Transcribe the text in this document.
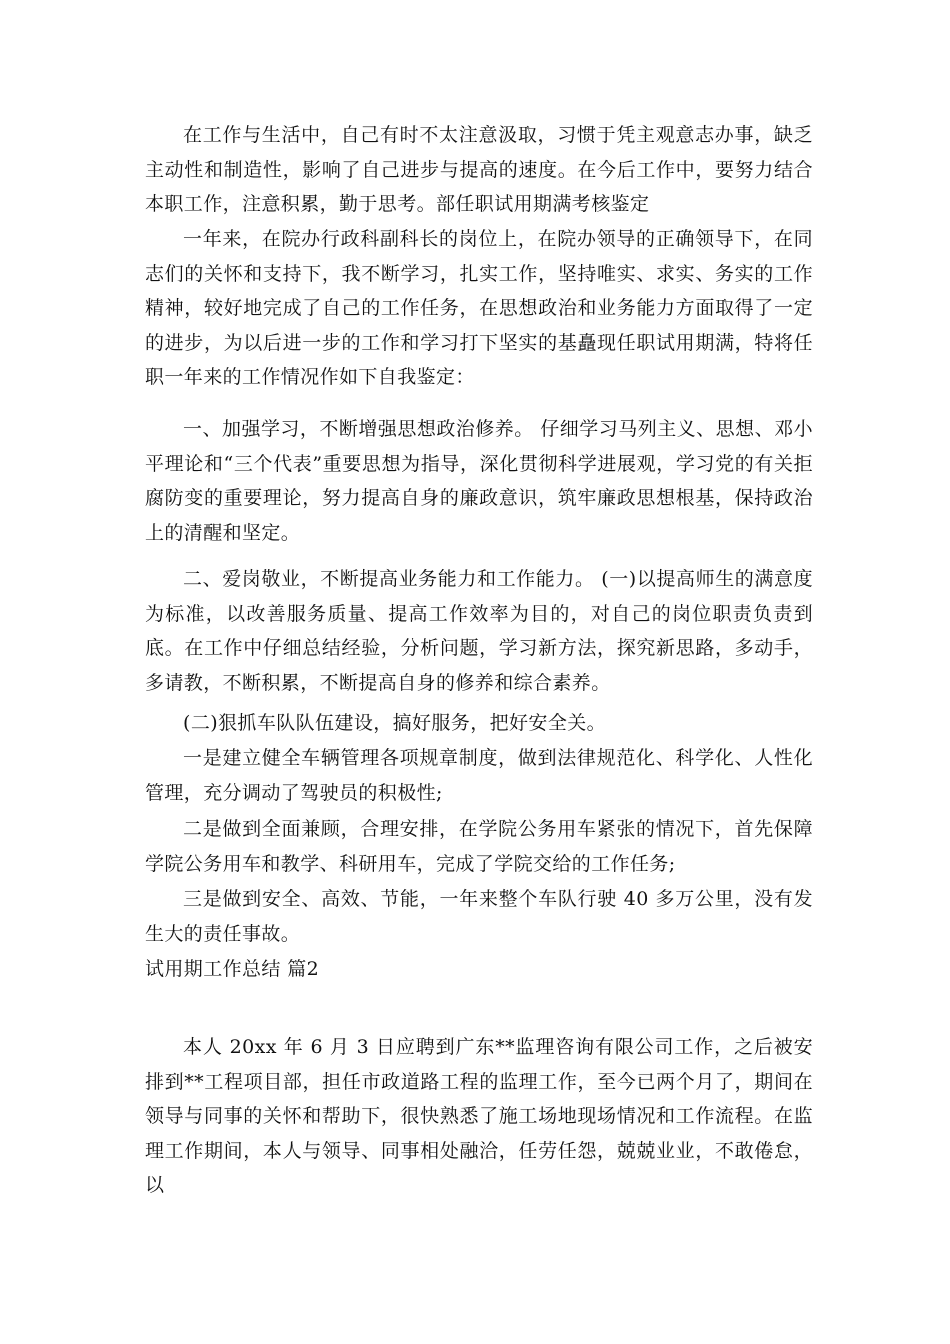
在工作与生活中，自己有时不太注意汲取，习惯于凭主观意志办事，缺乏主动性和制造性，影响了自己进步与提高的速度。在今后工作中，要努力结合本职工作，注意积累，勤于思考。部任职试用期满考核鉴定

一年来，在院办行政科副科长的岗位上，在院办领导的正确领导下，在同志们的关怀和支持下，我不断学习，扎实工作，坚持唯实、求实、务实的工作精神，较好地完成了自己的工作任务，在思想政治和业务能力方面取得了一定的进步，为以后进一步的工作和学习打下坚实的基矗现任职试用期满，特将任职一年来的工作情况作如下自我鉴定：

一、加强学习，不断增强思想政治修养。 仔细学习马列主义、思想、邓小平理论和“三个代表”重要思想为指导，深化贯彻科学进展观，学习党的有关拒腐防变的重要理论，努力提高自身的廉政意识，筑牢廉政思想根基，保持政治上的清醒和坚定。

二、爱岗敬业，不断提高业务能力和工作能力。 (一)以提高师生的满意度为标准，以改善服务质量、提高工作效率为目的，对自己的岗位职责负责到底。在工作中仔细总结经验，分析问题，学习新方法，探究新思路，多动手，多请教，不断积累，不断提高自身的修养和综合素养。

(二)狠抓车队队伍建设，搞好服务，把好安全关。

一是建立健全车辆管理各项规章制度，做到法律规范化、科学化、人性化管理，充分调动了驾驶员的积极性;

二是做到全面兼顾，合理安排，在学院公务用车紧张的情况下，首先保障学院公务用车和教学、科研用车，完成了学院交给的工作任务;

三是做到安全、高效、节能，一年来整个车队行驶 40 多万公里，没有发生大的责任事故。

试用期工作总结 篇2

本人 20xx 年 6 月 3 日应聘到广东**监理咨询有限公司工作，之后被安排到**工程项目部，担任市政道路工程的监理工作，至今已两个月了，期间在领导与同事的关怀和帮助下，很快熟悉了施工场地现场情况和工作流程。在监理工作期间，本人与领导、同事相处融洽，任劳任怨，兢兢业业，不敢倦怠，以
